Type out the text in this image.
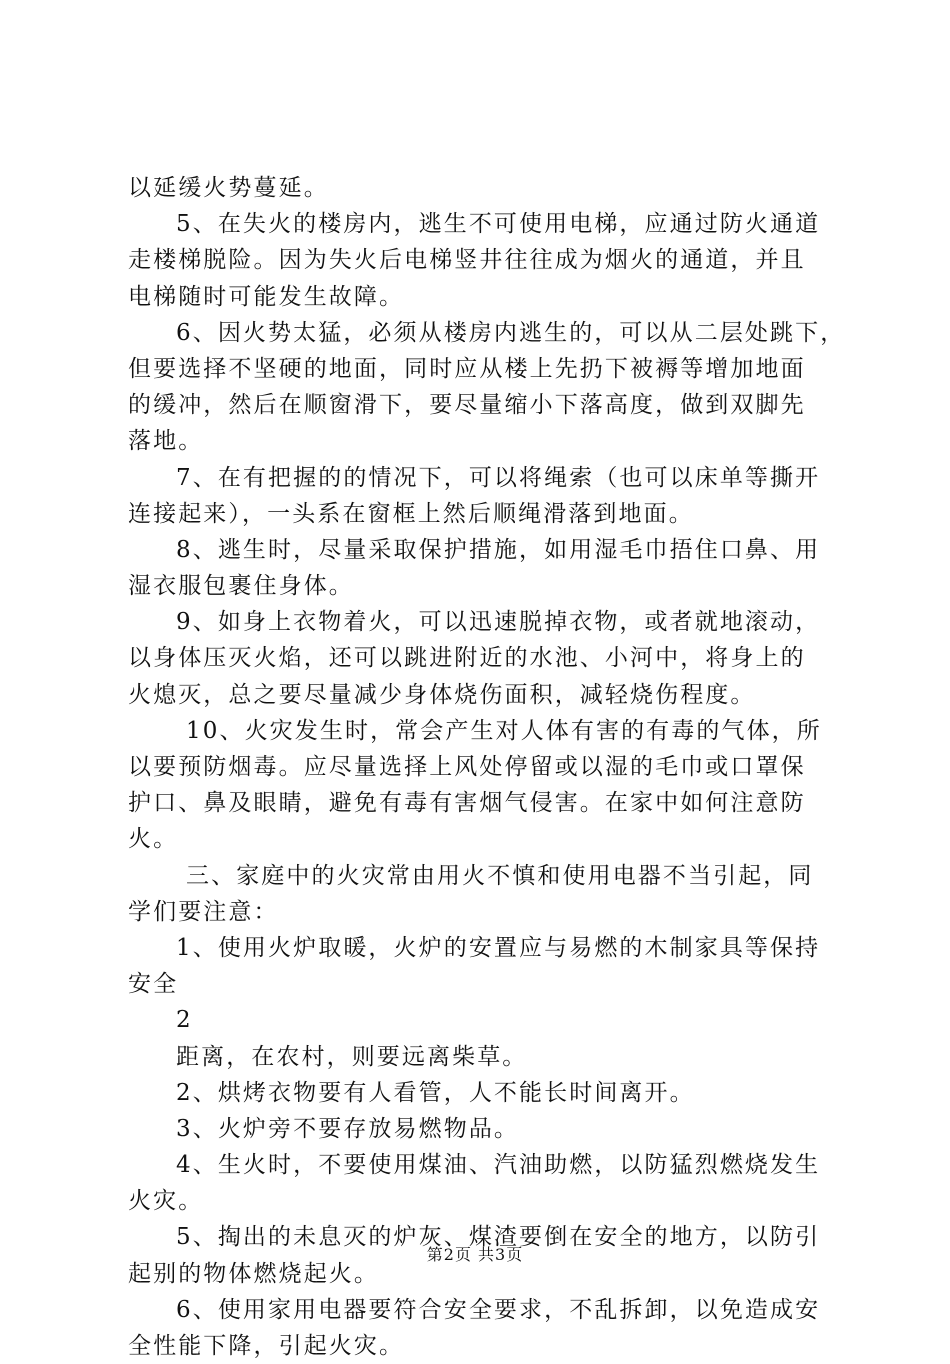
以延缓火势蔓延。

5、在失火的楼房内，逃生不可使用电梯，应通过防火通道

走楼梯脱险。因为失火后电梯竖井往往成为烟火的通道，并且

电梯随时可能发生故障。

6、因火势太猛，必须从楼房内逃生的，可以从二层处跳下，

但要选择不坚硬的地面，同时应从楼上先扔下被褥等增加地面

的缓冲，然后在顺窗滑下，要尽量缩小下落高度，做到双脚先

落地。

7、在有把握的的情况下，可以将绳索（也可以床单等撕开

连接起来），一头系在窗框上然后顺绳滑落到地面。

8、逃生时，尽量采取保护措施，如用湿毛巾捂住口鼻、用

湿衣服包裹住身体。

9、如身上衣物着火，可以迅速脱掉衣物，或者就地滚动，

以身体压灭火焰，还可以跳进附近的水池、小河中，将身上的

火熄灭，总之要尽量减少身体烧伤面积，减轻烧伤程度。

10、火灾发生时，常会产生对人体有害的有毒的气体，所

以要预防烟毒。应尽量选择上风处停留或以湿的毛巾或口罩保

护口、鼻及眼睛，避免有毒有害烟气侵害。在家中如何注意防

火。

三、家庭中的火灾常由用火不慎和使用电器不当引起，同

学们要注意：

1、使用火炉取暖，火炉的安置应与易燃的木制家具等保持

安全

2

距离，在农村，则要远离柴草。

2、烘烤衣物要有人看管，人不能长时间离开。

3、火炉旁不要存放易燃物品。

4、生火时，不要使用煤油、汽油助燃，以防猛烈燃烧发生

火灾。

5、掏出的未息灭的炉灰、煤渣要倒在安全的地方，以防引

起别的物体燃烧起火。

6、使用家用电器要符合安全要求，不乱拆卸，以免造成安

全性能下降，引起火灾。

第2页 共3页
